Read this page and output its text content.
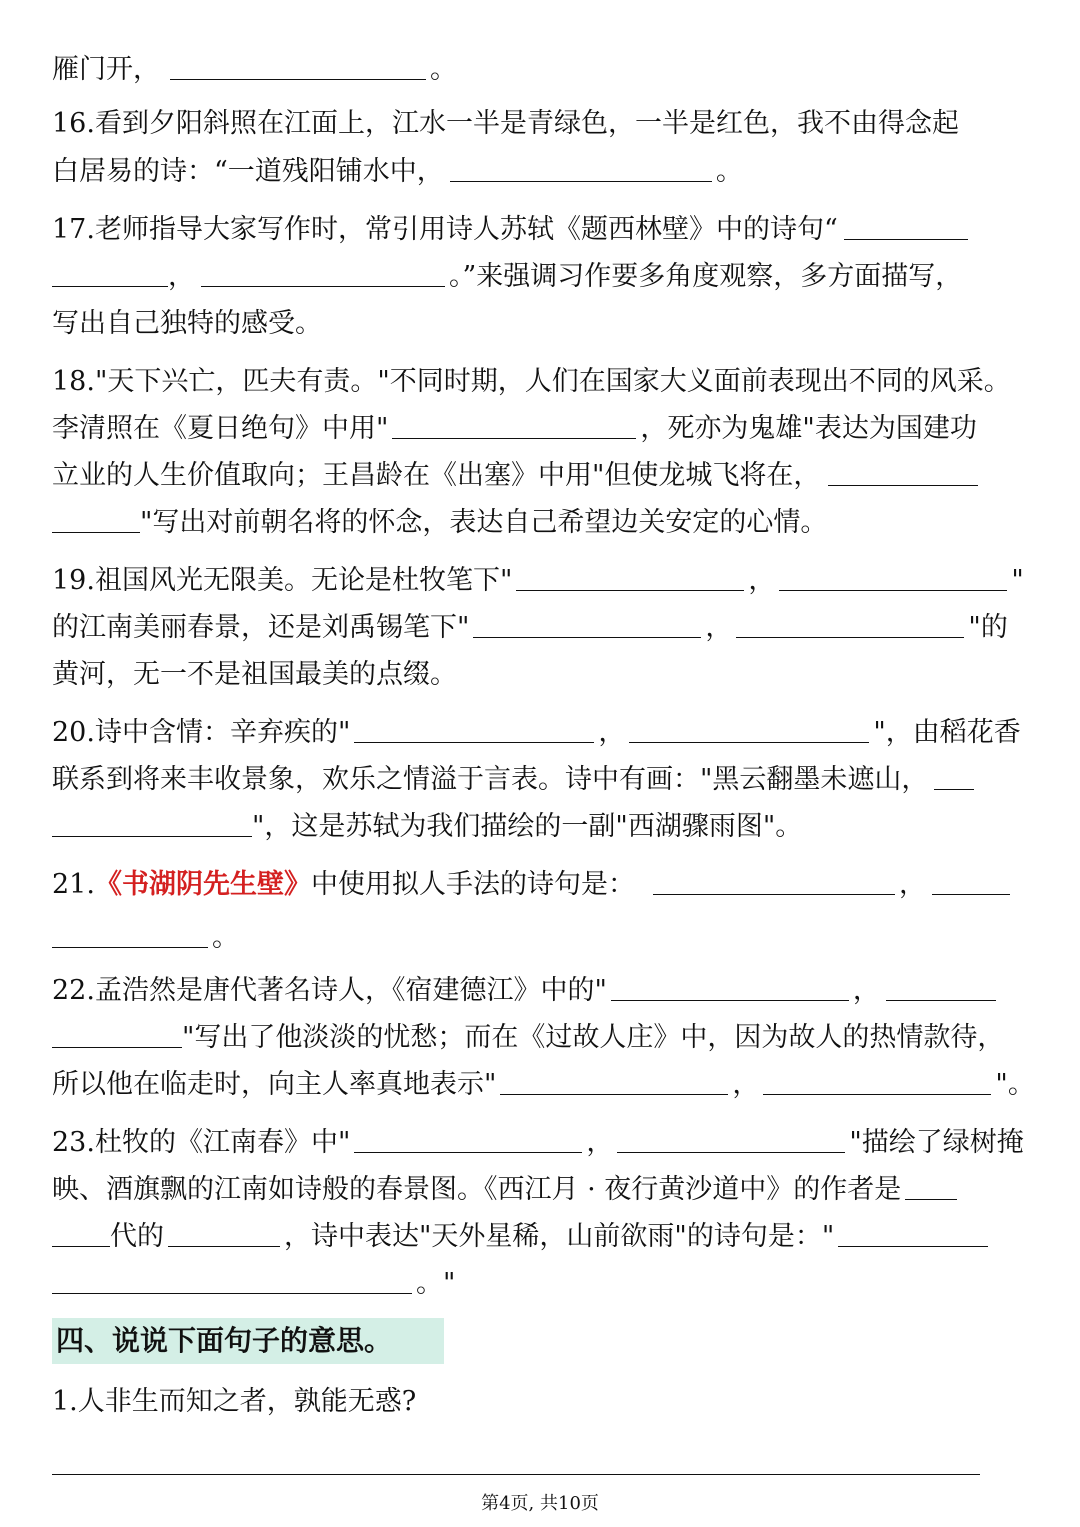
雁门开，	。
16.看到夕阳斜照在江面上，江水一半是青绿色，一半是红色，我不由得念起
白居易的诗：“一道残阳铺水中，	。
17.老师指导大家写作时，常引用诗人苏轼《题西林壁》中的诗句“
，	。”来强调习作要多角度观察，多方面描写，
写出自己独特的感受。
18."天下兴亡，匹夫有责。"不同时期，人们在国家大义面前表现出不同的风采。
李清照在《夏日绝句》中用"	，死亦为鬼雄"表达为国建功
立业的人生价值取向；王昌龄在《出塞》中用"但使龙城飞将在，
"写出对前朝名将的怀念，表达自己希望边关安定的心情。
19.祖国风光无限美。无论是杜牧笔下"	，	"
的江南美丽春景，还是刘禹锡笔下"	，	"的
黄河，无一不是祖国最美的点缀。
20.诗中含情：辛弃疾的"	，	"，由稻花香
联系到将来丰收景象，欢乐之情溢于言表。诗中有画："黑云翻墨未遮山，
"，这是苏轼为我们描绘的一副"西湖骤雨图"。
21.《书湖阴先生壁》中使用拟人手法的诗句是：	，
。
22.孟浩然是唐代著名诗人，《宿建德江》中的"	，
"写出了他淡淡的忧愁；而在《过故人庄》中，因为故人的热情款待，
所以他在临走时，向主人率真地表示"	，	"。
23.杜牧的《江南春》中"	，	"描绘了绿树掩
映、酒旗飘的江南如诗般的春景图。《西江月 · 夜行黄沙道中》的作者是
代的	，诗中表达"天外星稀，山前欲雨"的诗句是："
。"
四、说说下面句子的意思。
1.人非生而知之者，孰能无惑?
第4页, 共10页
